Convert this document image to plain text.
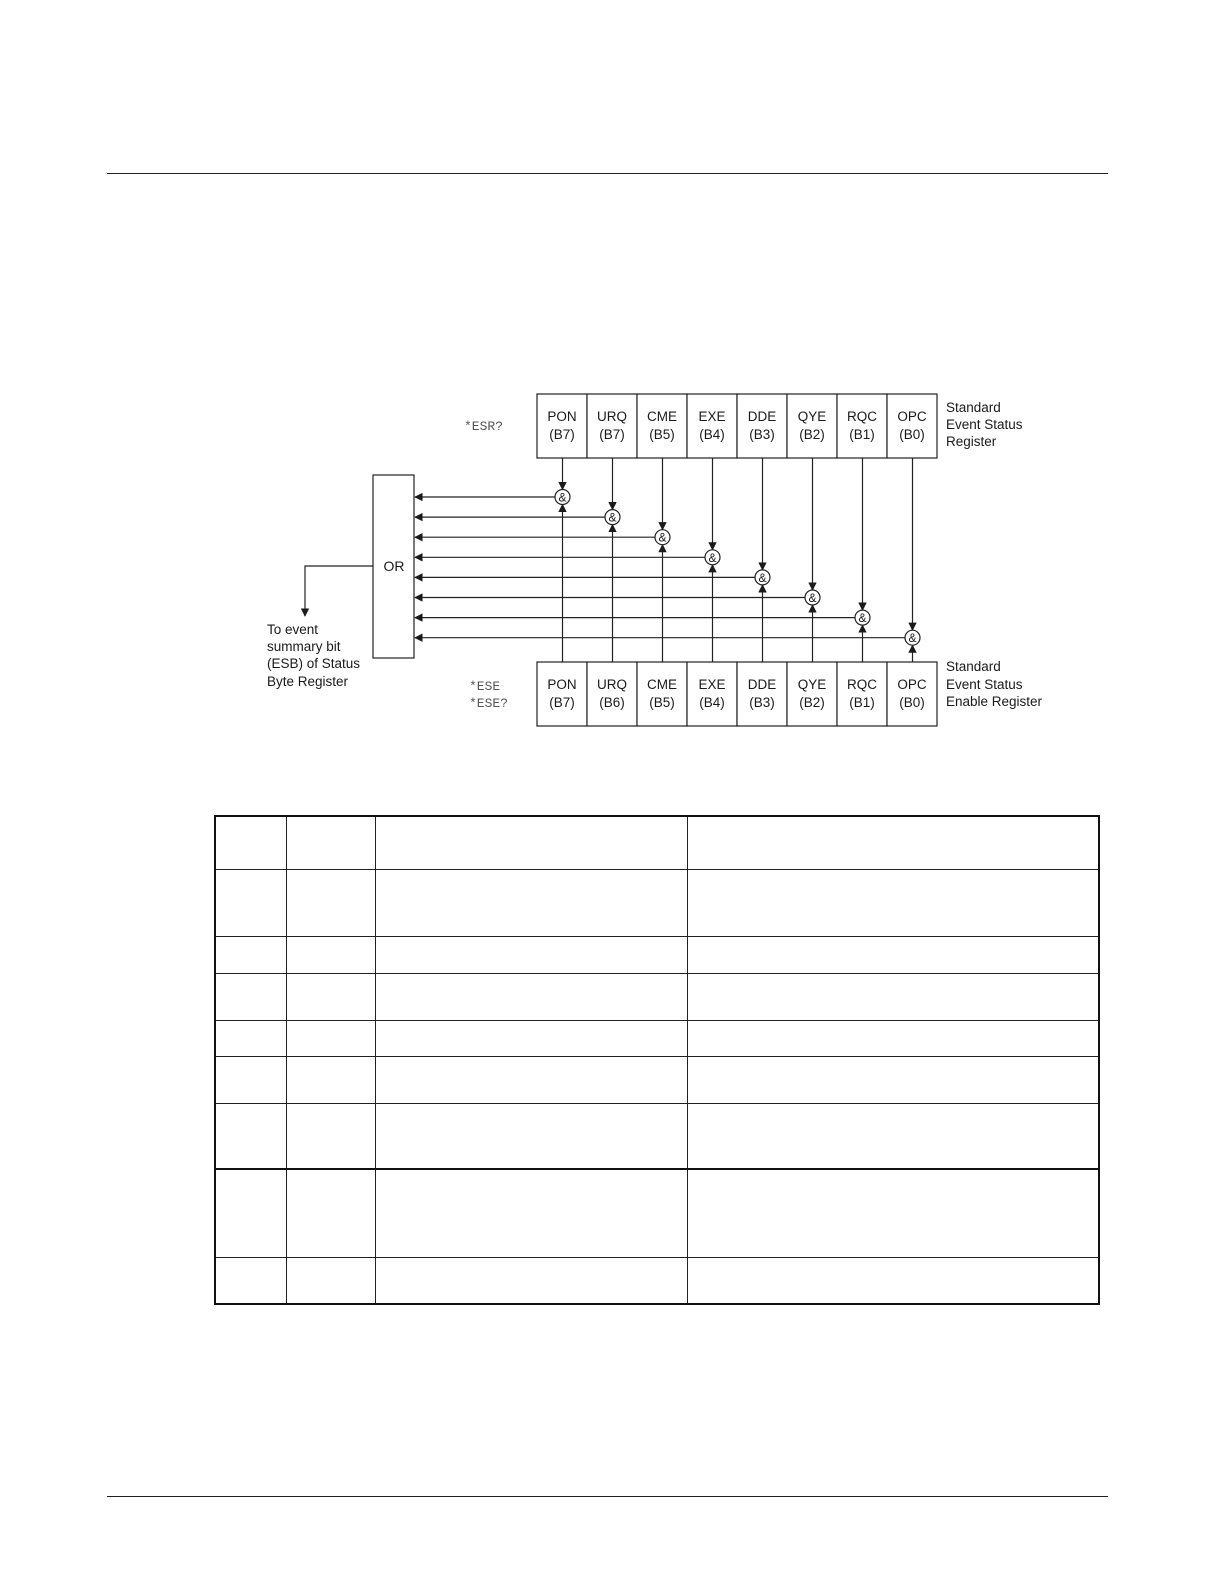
*ESR?
*ESE
*ESE?
OR
To event
summary bit
(ESB) of Status
Byte Register
Standard
Event Status
Register
Standard
Event Status
Enable Register
PON
(B7)
URQ
(B7)
CME
(B5)
EXE
(B4)
DDE
(B3)
QYE
(B2)
RQC
(B1)
OPC
(B0)
PON
(B7)
URQ
(B6)
CME
(B5)
EXE
(B4)
DDE
(B3)
QYE
(B2)
RQC
(B1)
OPC
(B0)
&
&
&
&
&
&
&
&
